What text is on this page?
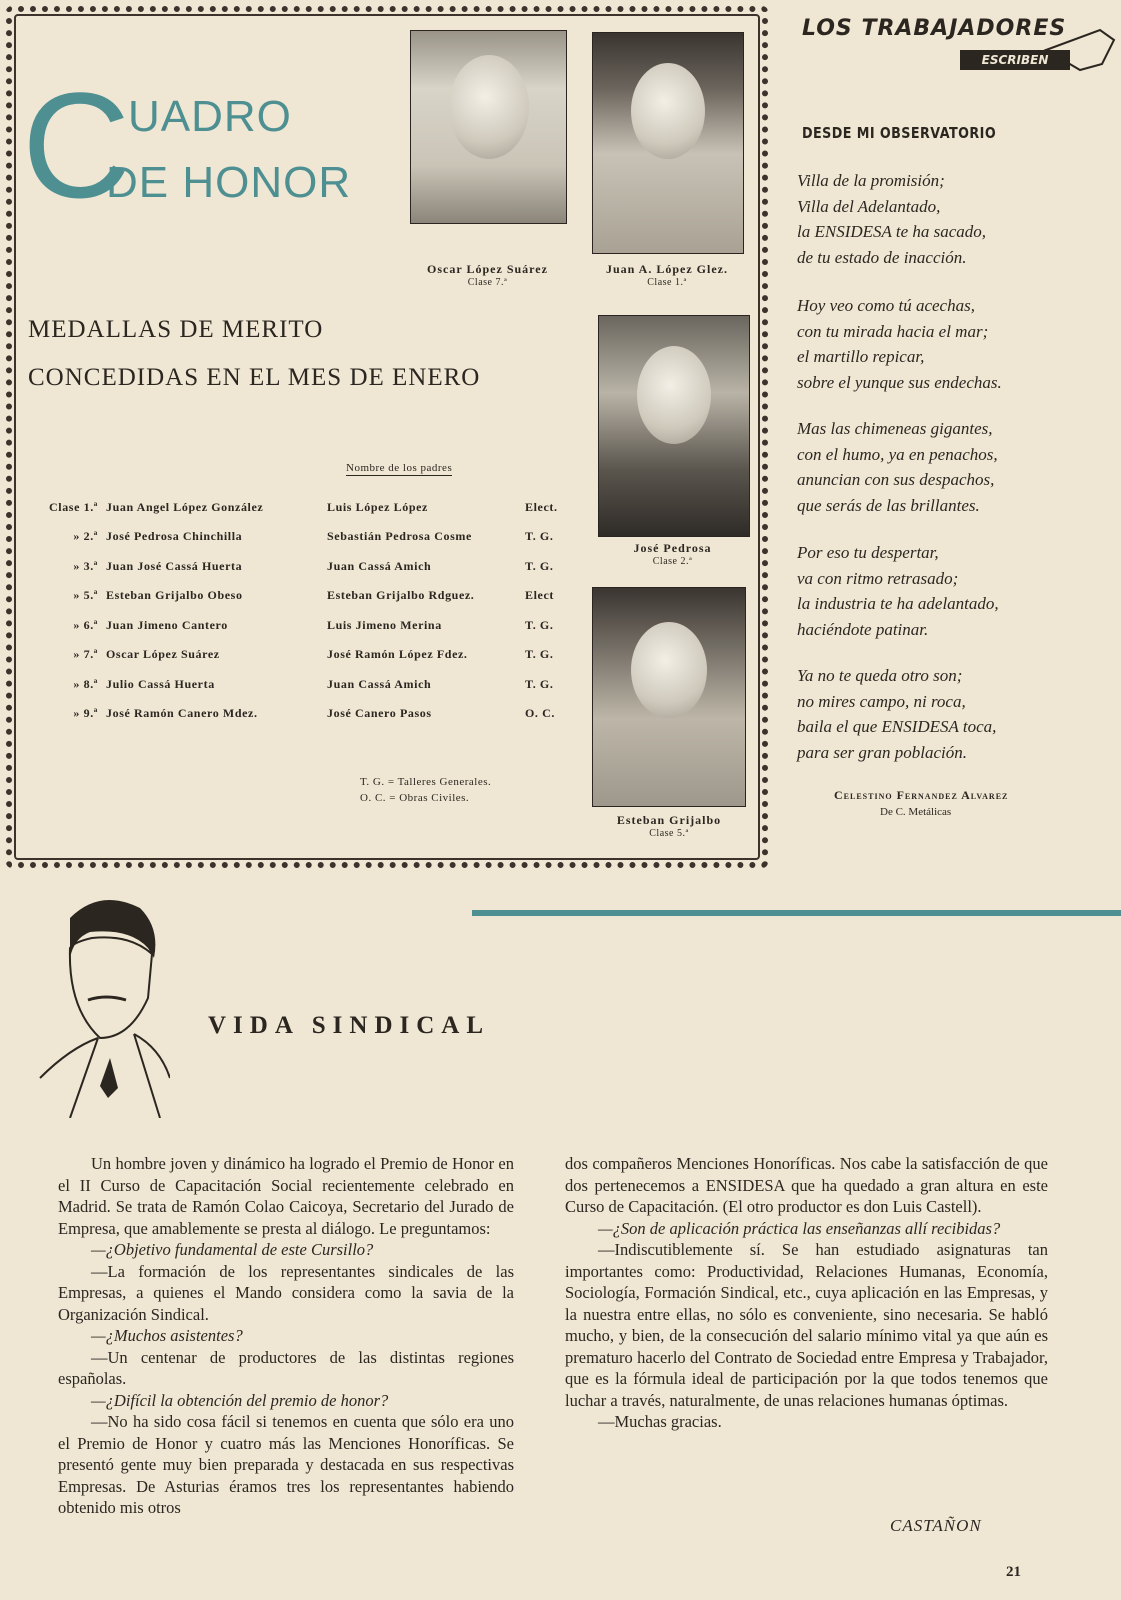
C
UADRO
DE HONOR
MEDALLAS DE MERITO
CONCEDIDAS EN EL MES DE ENERO
Oscar López Suárez
Clase 7.ª
Juan A. López Glez.
Clase 1.ª
José Pedrosa
Clase 2.ª
Esteban Grijalbo
Clase 5.ª
Nombre de los padres
Clase 1.ª Juan Angel López González	Luis López López	Elect.
» 2.ª José Pedrosa Chinchilla	Sebastián Pedrosa Cosme	T. G.
» 3.ª Juan José Cassá Huerta	Juan Cassá Amich	T. G.
» 5.ª Esteban Grijalbo Obeso	Esteban Grijalbo Rdguez.	Elect
» 6.ª Juan Jimeno Cantero	Luis Jimeno Merina	T. G.
» 7.ª Oscar López Suárez	José Ramón López Fdez.	T. G.
» 8.ª Julio Cassá Huerta	Juan Cassá Amich	T. G.
» 9.ª José Ramón Canero Mdez.	José Canero Pasos	O. C.
T. G. = Talleres Generales.
O. C. = Obras Civiles.
LOS TRABAJADORES
ESCRIBEN
DESDE MI OBSERVATORIO
Villa de la promisión;
Villa del Adelantado,
la ENSIDESA te ha sacado,
de tu estado de inacción.
Hoy veo como tú acechas,
con tu mirada hacia el mar;
el martillo repicar,
sobre el yunque sus endechas.
Mas las chimeneas gigantes,
con el humo, ya en penachos,
anuncian con sus despachos,
que serás de las brillantes.
Por eso tu despertar,
va con ritmo retrasado;
la industria te ha adelantado,
haciéndote patinar.
Ya no te queda otro son;
no mires campo, ni roca,
baila el que ENSIDESA toca,
para ser gran población.
Celestino Fernandez Alvarez
De C. Metálicas
VIDA SINDICAL

Un hombre joven y dinámico ha logrado el Premio de Honor en el II Curso de Capacitación Social recientemente celebrado en Madrid. Se trata de Ramón Colao Caicoya, Secretario del Jurado de Empresa, que amablemente se presta al diálogo. Le preguntamos:

—¿Objetivo fundamental de este Cursillo?

—La formación de los representantes sindicales de las Empresas, a quienes el Mando considera como la savia de la Organización Sindical.

—¿Muchos asistentes?

—Un centenar de productores de las distintas regiones españolas.

—¿Difícil la obtención del premio de honor?

—No ha sido cosa fácil si tenemos en cuenta que sólo era uno el Premio de Honor y cuatro más las Menciones Honoríficas. Se presentó gente muy bien preparada y destacada en sus respectivas Empresas. De Asturias éramos tres los representantes habiendo obtenido mis otros

dos compañeros Menciones Honoríficas. Nos cabe la satisfacción de que dos pertenecemos a ENSIDESA que ha quedado a gran altura en este Curso de Capacitación. (El otro productor es don Luis Castell).

—¿Son de aplicación práctica las enseñanzas allí recibidas?

—Indiscutiblemente sí. Se han estudiado asignaturas tan importantes como: Productividad, Relaciones Humanas, Economía, Sociología, Formación Sindical, etc., cuya aplicación en las Empresas, y la nuestra entre ellas, no sólo es conveniente, sino necesaria. Se habló mucho, y bien, de la consecución del salario mínimo vital ya que aún es prematuro hacerlo del Contrato de Sociedad entre Empresa y Trabajador, que es la fórmula ideal de participación por la que todos tenemos que luchar a través, naturalmente, de unas relaciones humanas óptimas.

—Muchas gracias.

CASTAÑON
21
